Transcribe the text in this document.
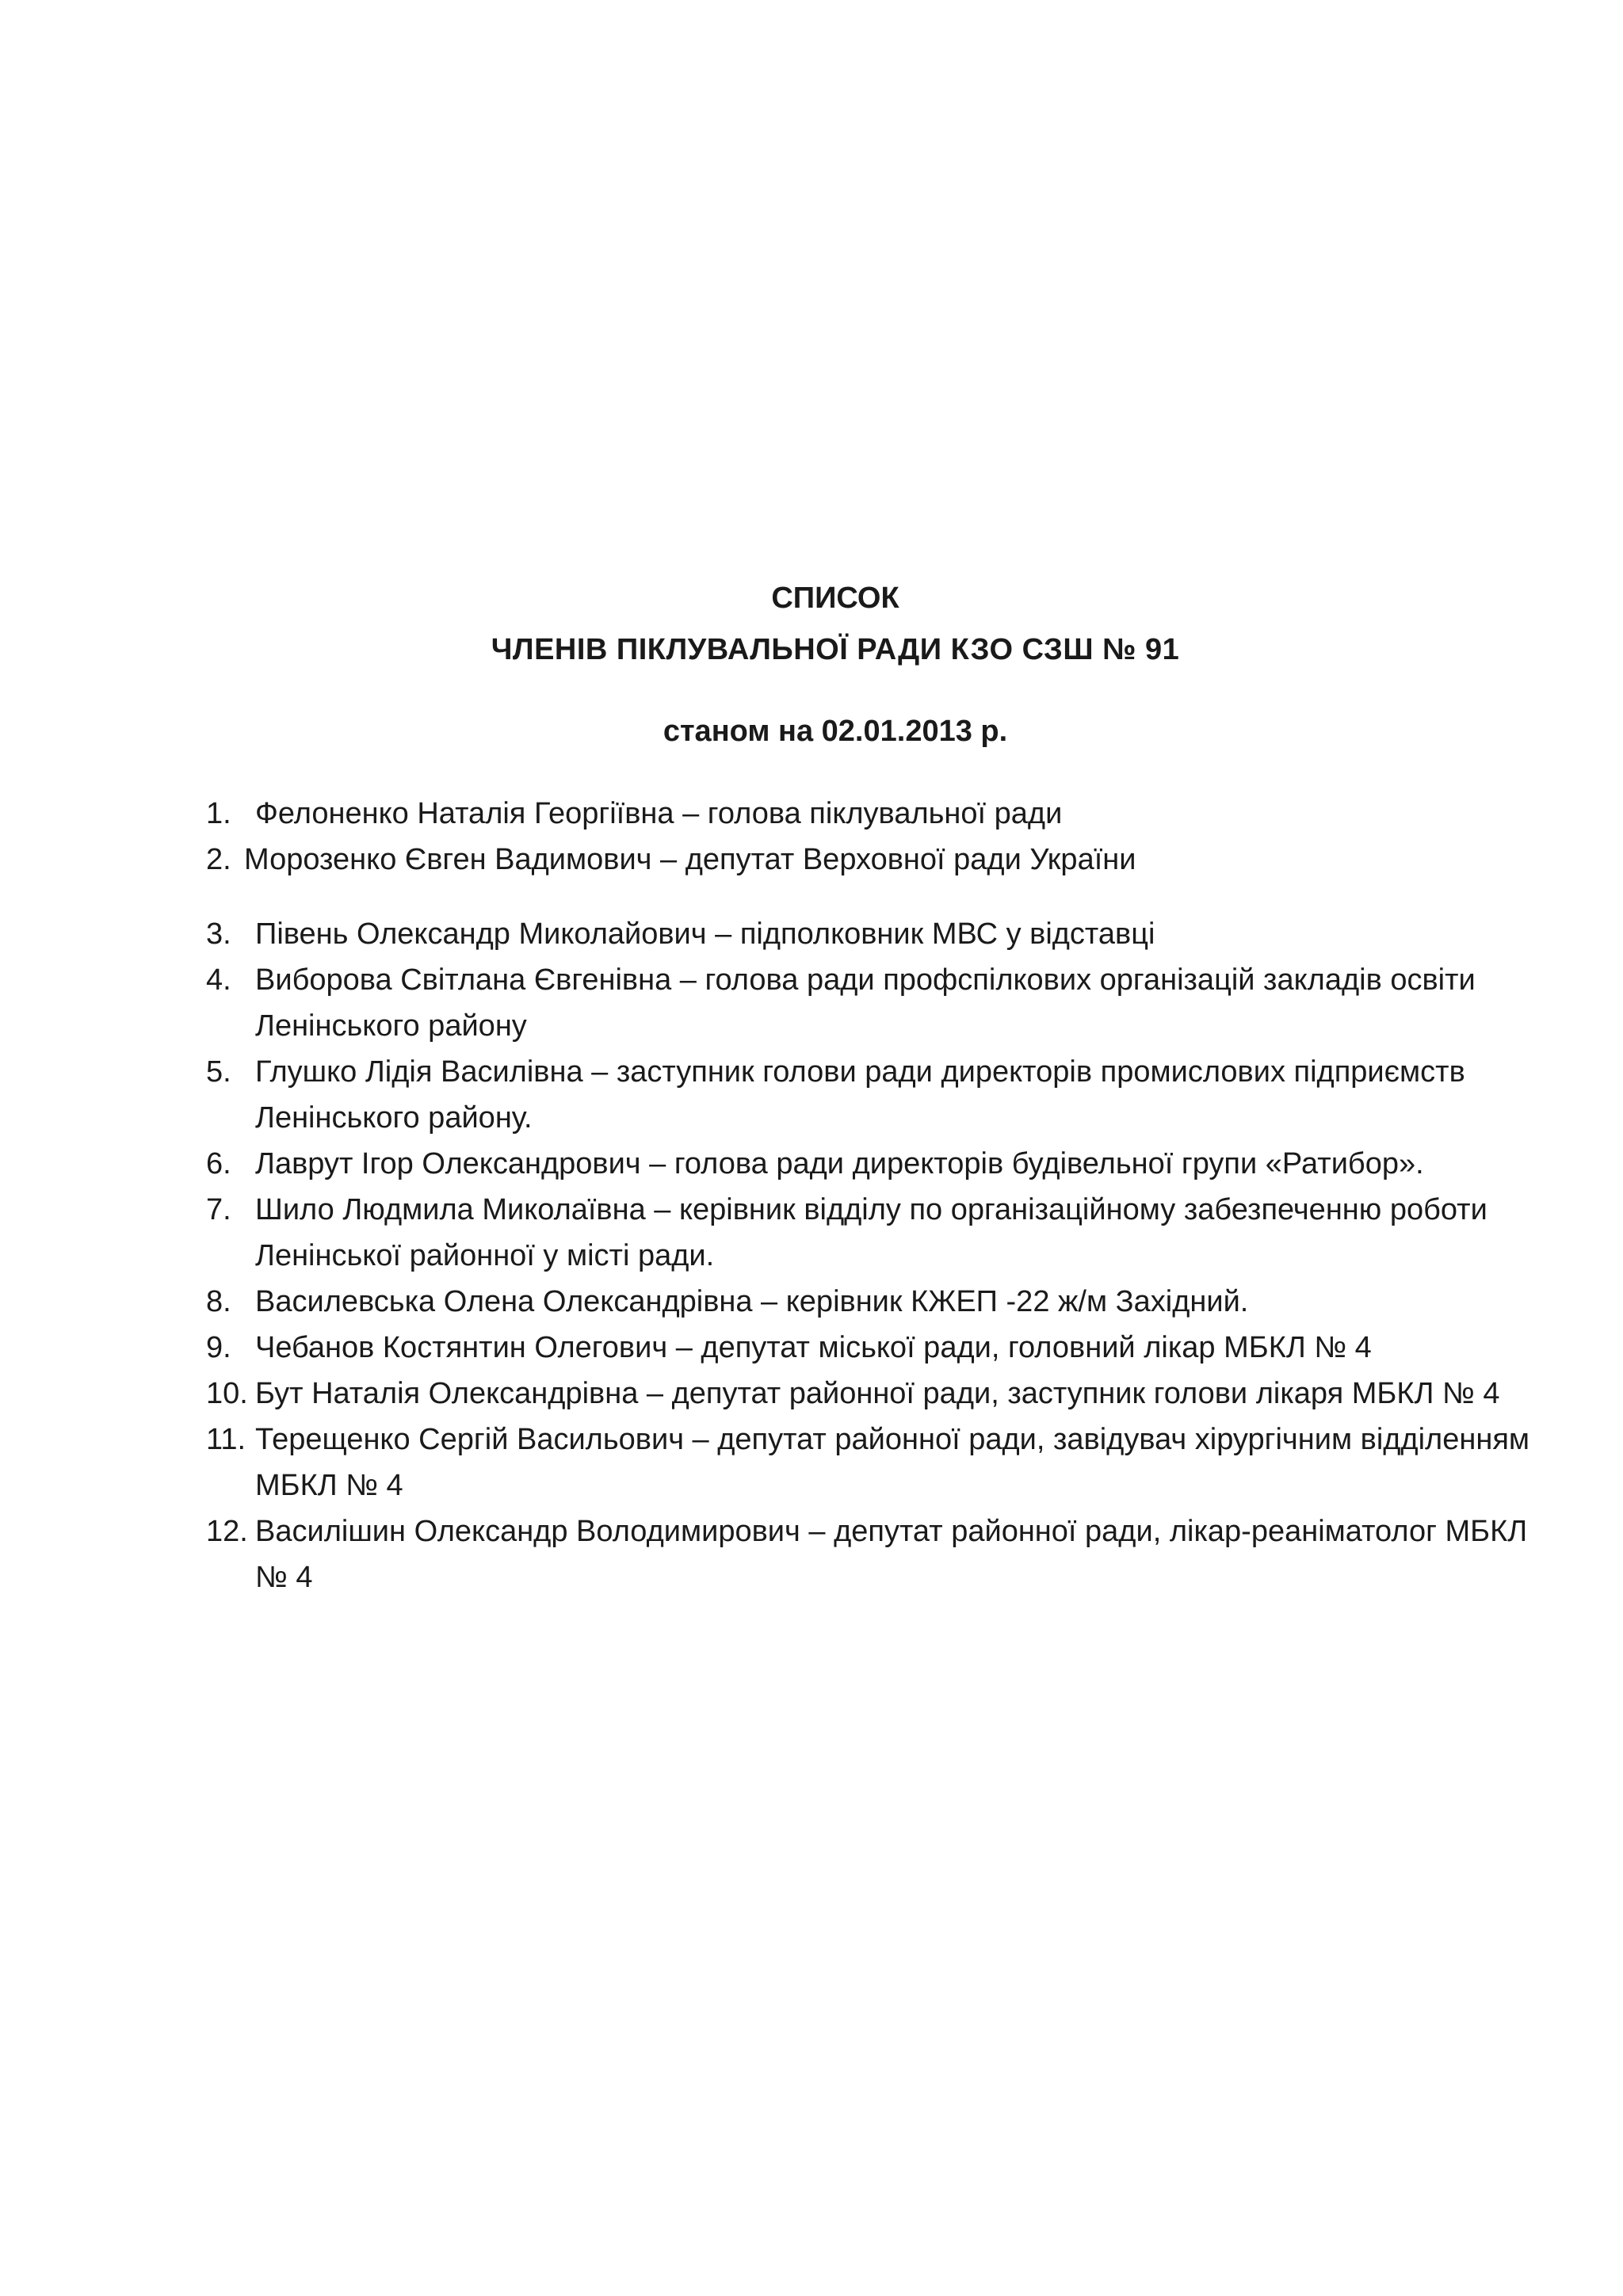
СПИСОК
ЧЛЕНІВ ПІКЛУВАЛЬНОЇ РАДИ КЗО СЗШ № 91
станом на 02.01.2013 р.
1. Фелоненко Наталія Георгіївна – голова піклувальної ради
2. Морозенко Євген Вадимович – депутат Верховної ради України
3. Півень Олександр Миколайович – підполковник МВС у відставці
4. Виборова Світлана Євгенівна – голова ради профспілкових організацій закладів освіти Ленінського району
5. Глушко Лідія Василівна – заступник голови ради директорів промислових підприємств Ленінського району.
6. Лаврут Ігор Олександрович – голова ради директорів будівельної групи «Ратибор».
7. Шило Людмила Миколаївна – керівник відділу по організаційному забезпеченню роботи Ленінської районної у місті ради.
8. Василевська Олена Олександрівна – керівник КЖЕП -22 ж/м Західний.
9. Чебанов Костянтин Олегович – депутат міської ради, головний лікар МБКЛ № 4
10. Бут Наталія Олександрівна – депутат районної ради, заступник голови лікаря МБКЛ № 4
11. Терещенко Сергій Васильович – депутат районної ради, завідувач хірургічним відділенням МБКЛ № 4
12. Василішин Олександр Володимирович – депутат районної ради, лікар-реаніматолог МБКЛ № 4
